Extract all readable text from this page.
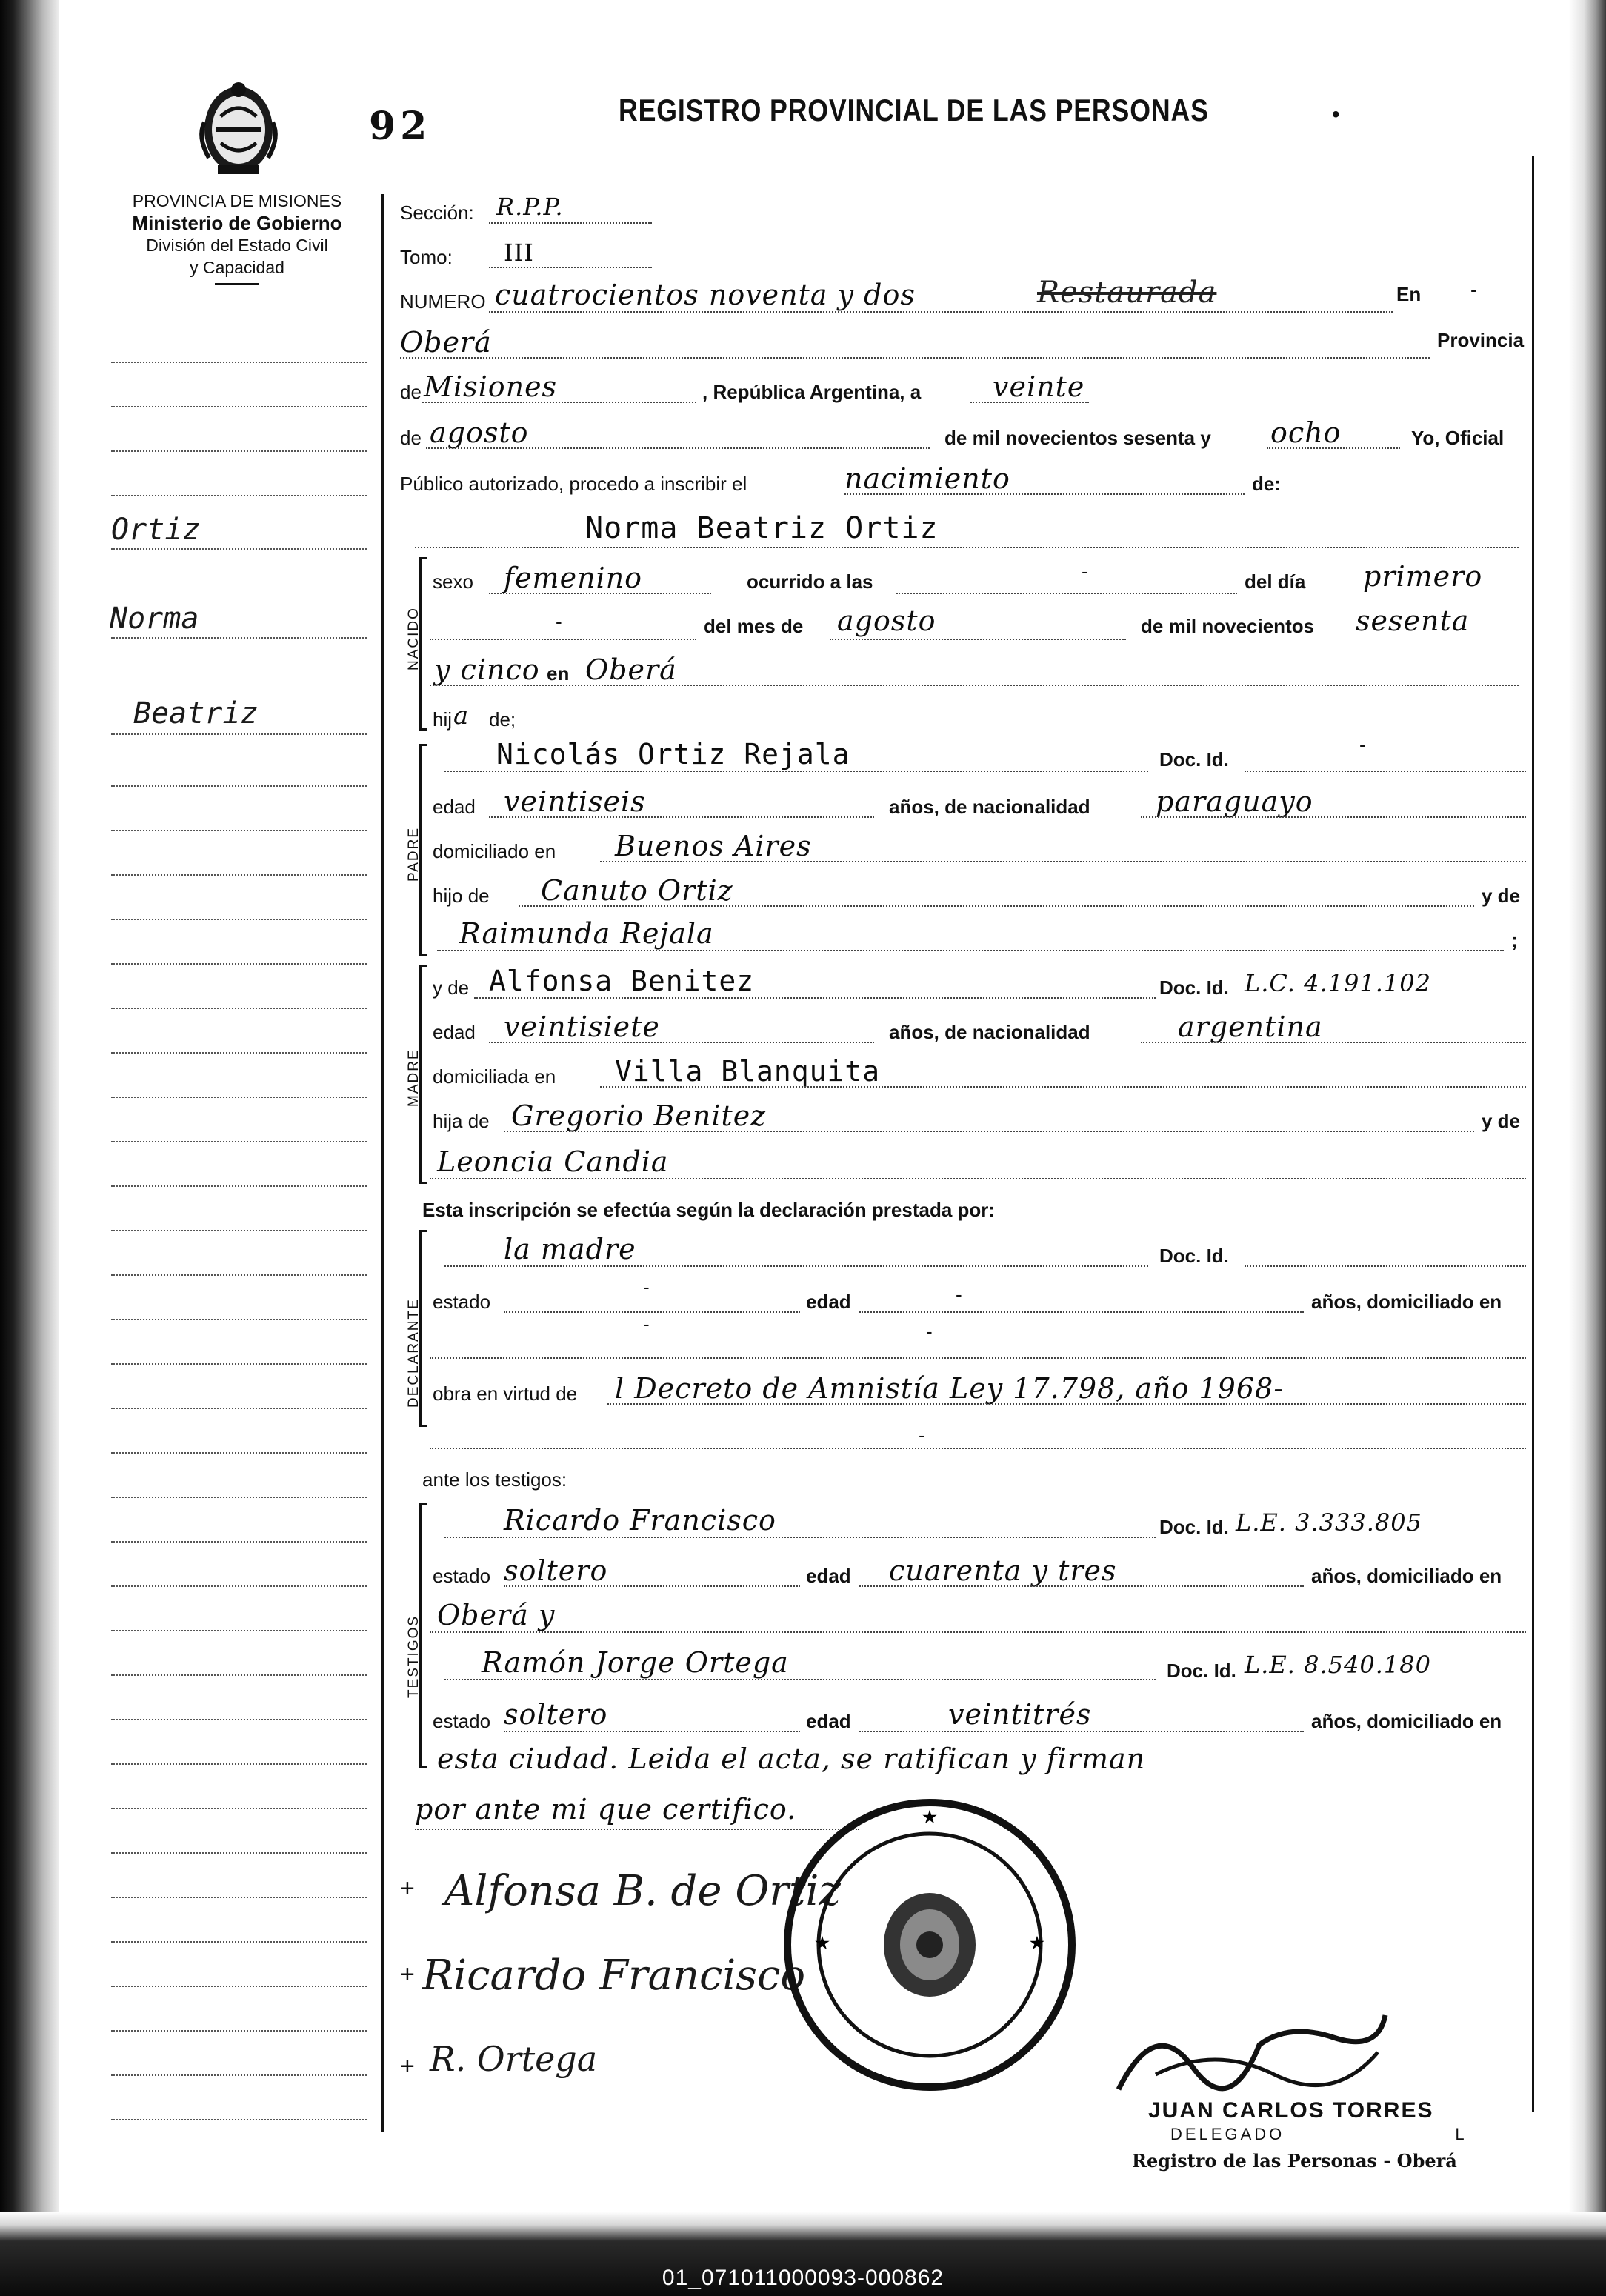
01_071011000093-000862
92	REGISTRO PROVINCIAL DE LAS PERSONAS	•
PROVINCIA DE MISIONES
Ministerio de Gobierno
División del Estado Civil
y Capacidad
Ortiz
Norma
Beatriz
Sección: R.P.P.
Tomo: III
NUMERO cuatrocientos noventa y dos	Restaurada	En	-
Oberá	Provincia
de Misiones	, República Argentina, a	veinte
de agosto	de mil novecientos sesenta y ocho	Yo, Oficial
Público autorizado, procedo a inscribir el	nacimiento	de:
Norma Beatriz Ortiz
NACIDO
sexo femenino	ocurrido a las	-	del día primero
-	del mes de agosto	de mil novecientos sesenta
y cinco en Oberá
hij a de;
PADRE
Nicolás Ortiz Rejala	Doc. Id.
-
edad veintiseis	años, de nacionalidad paraguayo
domiciliado en Buenos Aires
hijo de Canuto Ortiz	y de
Raimunda Rejala	;
MADRE
y de Alfonsa Benitez	Doc. Id. L.C. 4.191.102
edad veintisiete	años, de nacionalidad	argentina
domiciliada en Villa Blanquita
hija de Gregorio Benitez	y de
Leoncia Candia
Esta inscripción se efectúa según la declaración prestada por:
DECLARANTE
la madre	Doc. Id.
estado
-
edad	-	años, domiciliado en
-	-
obra en virtud de l Decreto de Amnistía Ley 17.798, año 1968-
-
ante los testigos:
TESTIGOS
Ricardo Francisco	Doc. Id. L.E. 3.333.805
estado soltero	edad cuarenta y tres	años, domiciliado en
Oberá y
Ramón Jorge Ortega	Doc. Id. L.E. 8.540.180
estado soltero	edad	veintitrés	años, domiciliado en
esta ciudad. Leida el acta, se ratifican y firman
por ante mi que certifico.
+ Alfonsa B. de Ortiz
+ Ricardo Francisco
+ R. Ortega
★
★	★
JUAN CARLOS TORRES
DELEGADO	L
Registro de las Personas - Oberá
